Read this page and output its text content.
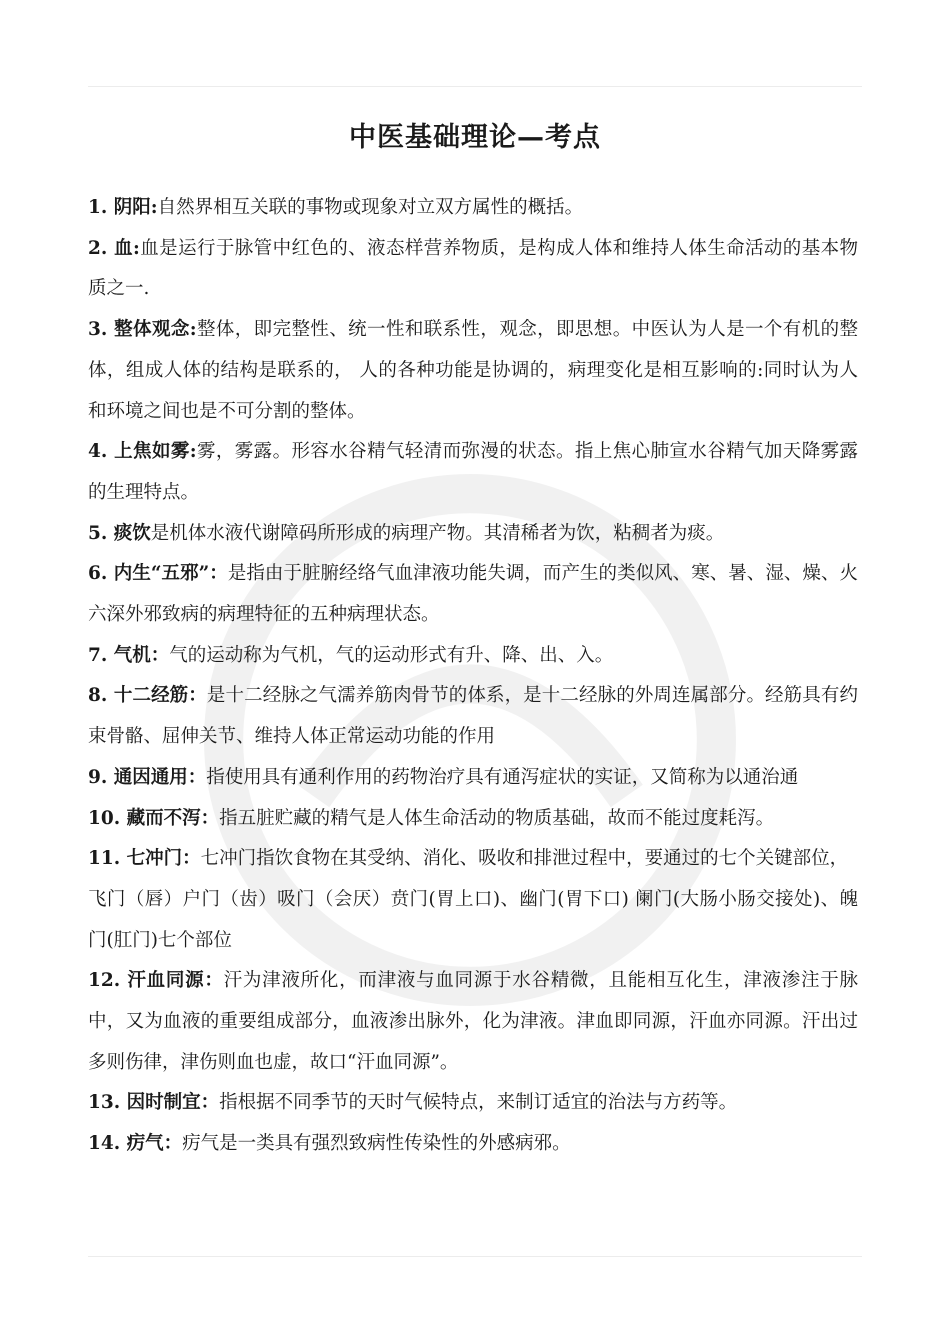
中医基础理论—考点

1. 阴阳:自然界相互关联的事物或现象对立双方属性的概括。

2. 血:血是运行于脉管中红色的、液态样营养物质，是构成人体和维持人体生命活动的基本物质之一.

3. 整体观念:整体，即完整性、统一性和联系性，观念，即思想。中医认为人是一个有机的整体，组成人体的结构是联系的， 人的各种功能是协调的，病理变化是相互影响的:同时认为人和环境之间也是不可分割的整体。

4. 上焦如雾:雾，雾露。形容水谷精气轻清而弥漫的状态。指上焦心肺宣水谷精气加天降雾露的生理特点。

5. 痰饮是机体水液代谢障码所形成的病理产物。其清稀者为饮，粘稠者为痰。

6. 内生“五邪”：是指由于脏腑经络气血津液功能失调，而产生的类似风、寒、暑、湿、燥、火六深外邪致病的病理特征的五种病理状态。

7. 气机：气的运动称为气机，气的运动形式有升、降、出、入。

8. 十二经筋：是十二经脉之气濡养筋肉骨节的体系，是十二经脉的外周连属部分。经筋具有约束骨骼、屈伸关节、维持人体正常运动功能的作用

9. 通因通用：指使用具有通利作用的药物治疗具有通泻症状的实证，又简称为以通治通

10. 藏而不泻：指五脏贮藏的精气是人体生命活动的物质基础，故而不能过度耗泻。

11. 七冲门：七冲门指饮食物在其受纳、消化、吸收和排泄过程中，要通过的七个关键部位，

飞门（唇）户门（齿）吸门（会厌）贲门(胃上口)、幽门(胃下口) 阑门(大肠小肠交接处)、魄门(肛门)七个部位

12. 汗血同源：汗为津液所化，而津液与血同源于水谷精微，且能相互化生，津液渗注于脉中，又为血液的重要组成部分，血液渗出脉外，化为津液。津血即同源，汗血亦同源。汗出过多则伤律，津伤则血也虚，故口“汗血同源”。

13. 因时制宜：指根据不同季节的天时气候特点，来制订适宜的治法与方药等。

14. 疠气：疠气是一类具有强烈致病性传染性的外感病邪。
